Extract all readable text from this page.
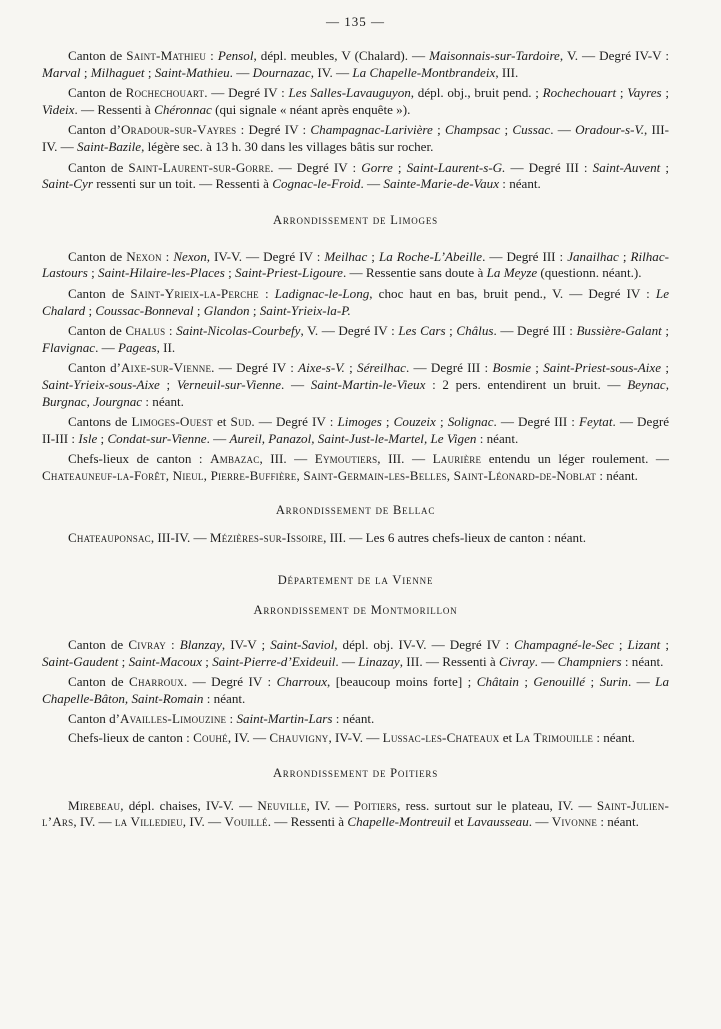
— 135 —

Canton de Saint-Mathieu : Pensol, dépl. meubles, V (Chalard). — Maisonnais-sur-Tardoire, V. — Degré IV-V : Marval ; Milhaguet ; Saint-Mathieu. — Dournazac, IV. — La Chapelle-Montbrandeix, III.

Canton de Rochechouart. — Degré IV : Les Salles-Lavauguyon, dépl. obj., bruit pend. ; Rochechouart ; Vayres ; Videix. — Ressenti à Chéronnac (qui signale « néant après enquête »).

Canton d’Oradour-sur-Vayres : Degré IV : Champagnac-Larivière ; Champsac ; Cussac. — Oradour-s-V., III-IV. — Saint-Bazile, légère sec. à 13 h. 30 dans les villages bâtis sur rocher.

Canton de Saint-Laurent-sur-Gorre. — Degré IV : Gorre ; Saint-Laurent-s-G. — Degré III : Saint-Auvent ; Saint-Cyr ressenti sur un toit. — Ressenti à Cognac-le-Froid. — Sainte-Marie-de-Vaux : néant.

Arrondissement de Limoges

Canton de Nexon : Nexon, IV-V. — Degré IV : Meilhac ; La Roche-L’Abeille. — Degré III : Janailhac ; Rilhac-Lastours ; Saint-Hilaire-les-Places ; Saint-Priest-Ligoure. — Ressentie sans doute à La Meyze (questionn. néant.).

Canton de Saint-Yrieix-la-Perche : Ladignac-le-Long, choc haut en bas, bruit pend., V. — Degré IV : Le Chalard ; Coussac-Bonneval ; Glandon ; Saint-Yrieix-la-P.

Canton de Chalus : Saint-Nicolas-Courbefy, V. — Degré IV : Les Cars ; Châlus. — Degré III : Bussière-Galant ; Flavignac. — Pageas, II.

Canton d’Aixe-sur-Vienne. — Degré IV : Aixe-s-V. ; Séreilhac. — Degré III : Bosmie ; Saint-Priest-sous-Aixe ; Saint-Yrieix-sous-Aixe ; Verneuil-sur-Vienne. — Saint-Martin-le-Vieux : 2 pers. entendirent un bruit. — Beynac, Burgnac, Jourgnac : néant.

Cantons de Limoges-Ouest et Sud. — Degré IV : Limoges ; Couzeix ; Solignac. — Degré III : Feytat. — Degré II-III : Isle ; Condat-sur-Vienne. — Aureil, Panazol, Saint-Just-le-Martel, Le Vigen : néant.

Chefs-lieux de canton : Ambazac, III. — Eymoutiers, III. — Laurière entendu un léger roulement. — Chateauneuf-la-Forêt, Nieul, Pierre-Buffière, Saint-Germain-les-Belles, Saint-Léonard-de-Noblat : néant.

Arrondissement de Bellac

Chateauponsac, III-IV. — Mézières-sur-Issoire, III. — Les 6 autres chefs-lieux de canton : néant.

Département de la Vienne
Arrondissement de Montmorillon

Canton de Civray : Blanzay, IV-V ; Saint-Saviol, dépl. obj. IV-V. — Degré IV : Champagné-le-Sec ; Lizant ; Saint-Gaudent ; Saint-Macoux ; Saint-Pierre-d’Exideuil. — Linazay, III. — Ressenti à Civray. — Champniers : néant.

Canton de Charroux. — Degré IV : Charroux, [beaucoup moins forte] ; Châtain ; Genouillé ; Surin. — La Chapelle-Bâton, Saint-Romain : néant.

Canton d’Availles-Limouzine : Saint-Martin-Lars : néant.

Chefs-lieux de canton : Couhé, IV. — Chauvigny, IV-V. — Lussac-les-Chateaux et La Trimouille : néant.

Arrondissement de Poitiers

Mirebeau, dépl. chaises, IV-V. — Neuville, IV. — Poitiers, ress. surtout sur le plateau, IV. — Saint-Julien-l’Ars, IV. — la Villedieu, IV. — Vouillé. — Ressenti à Chapelle-Montreuil et Lavausseau. — Vivonne : néant.
